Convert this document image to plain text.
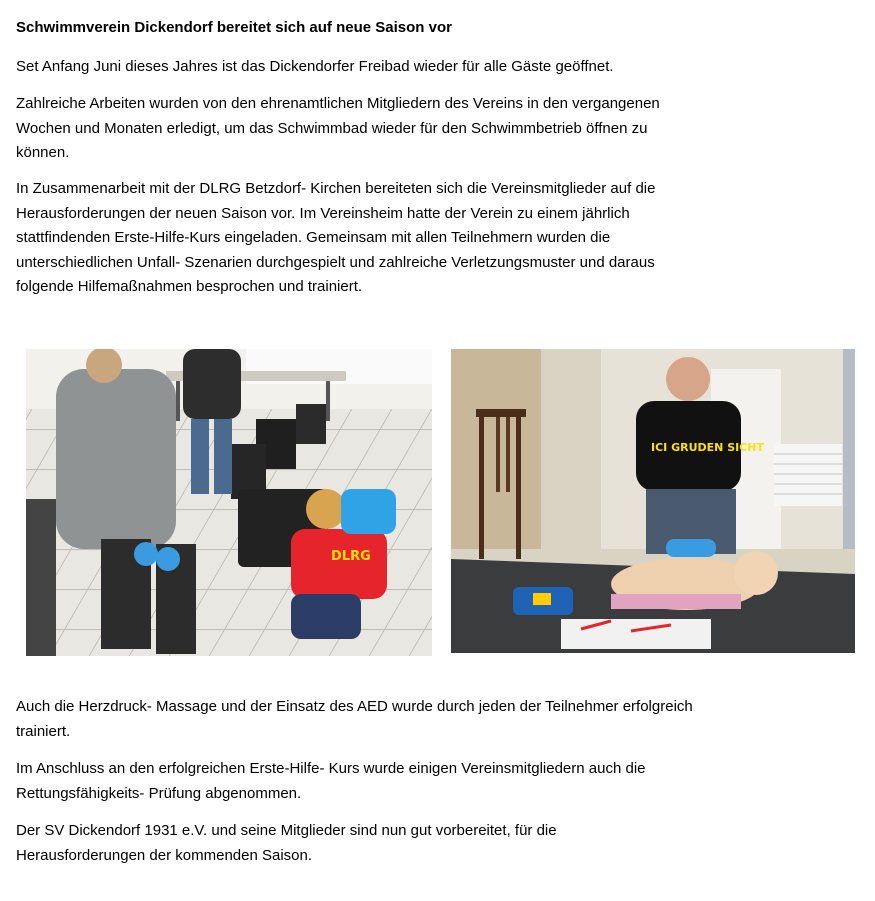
Schwimmverein Dickendorf bereitet sich auf neue Saison vor

Set Anfang Juni dieses Jahres ist das Dickendorfer Freibad wieder für alle Gäste geöffnet.

Zahlreiche Arbeiten wurden von den ehrenamtlichen Mitgliedern des Vereins in den vergangenen
Wochen und Monaten erledigt, um das Schwimmbad wieder für den Schwimmbetrieb öffnen zu
können.

In Zusammenarbeit mit der DLRG Betzdorf- Kirchen bereiteten sich die Vereinsmitglieder auf die
Herausforderungen der neuen Saison vor. Im Vereinsheim hatte der Verein zu einem jährlich
stattfindenden Erste-Hilfe-Kurs eingeladen. Gemeinsam mit allen Teilnehmern wurden die
unterschiedlichen Unfall- Szenarien durchgespielt und zahlreiche Verletzungsmuster und daraus
folgende Hilfemaßnahmen besprochen und trainiert.

DLRG
ICI GRUDEN SICHT

Auch die Herzdruck- Massage und der Einsatz des AED wurde durch jeden der Teilnehmer erfolgreich
trainiert.

Im Anschluss an den erfolgreichen Erste-Hilfe- Kurs wurde einigen Vereinsmitgliedern auch die
Rettungsfähigkeits- Prüfung abgenommen.

Der SV Dickendorf 1931 e.V. und seine Mitglieder sind nun gut vorbereitet, für die
Herausforderungen der kommenden Saison.
